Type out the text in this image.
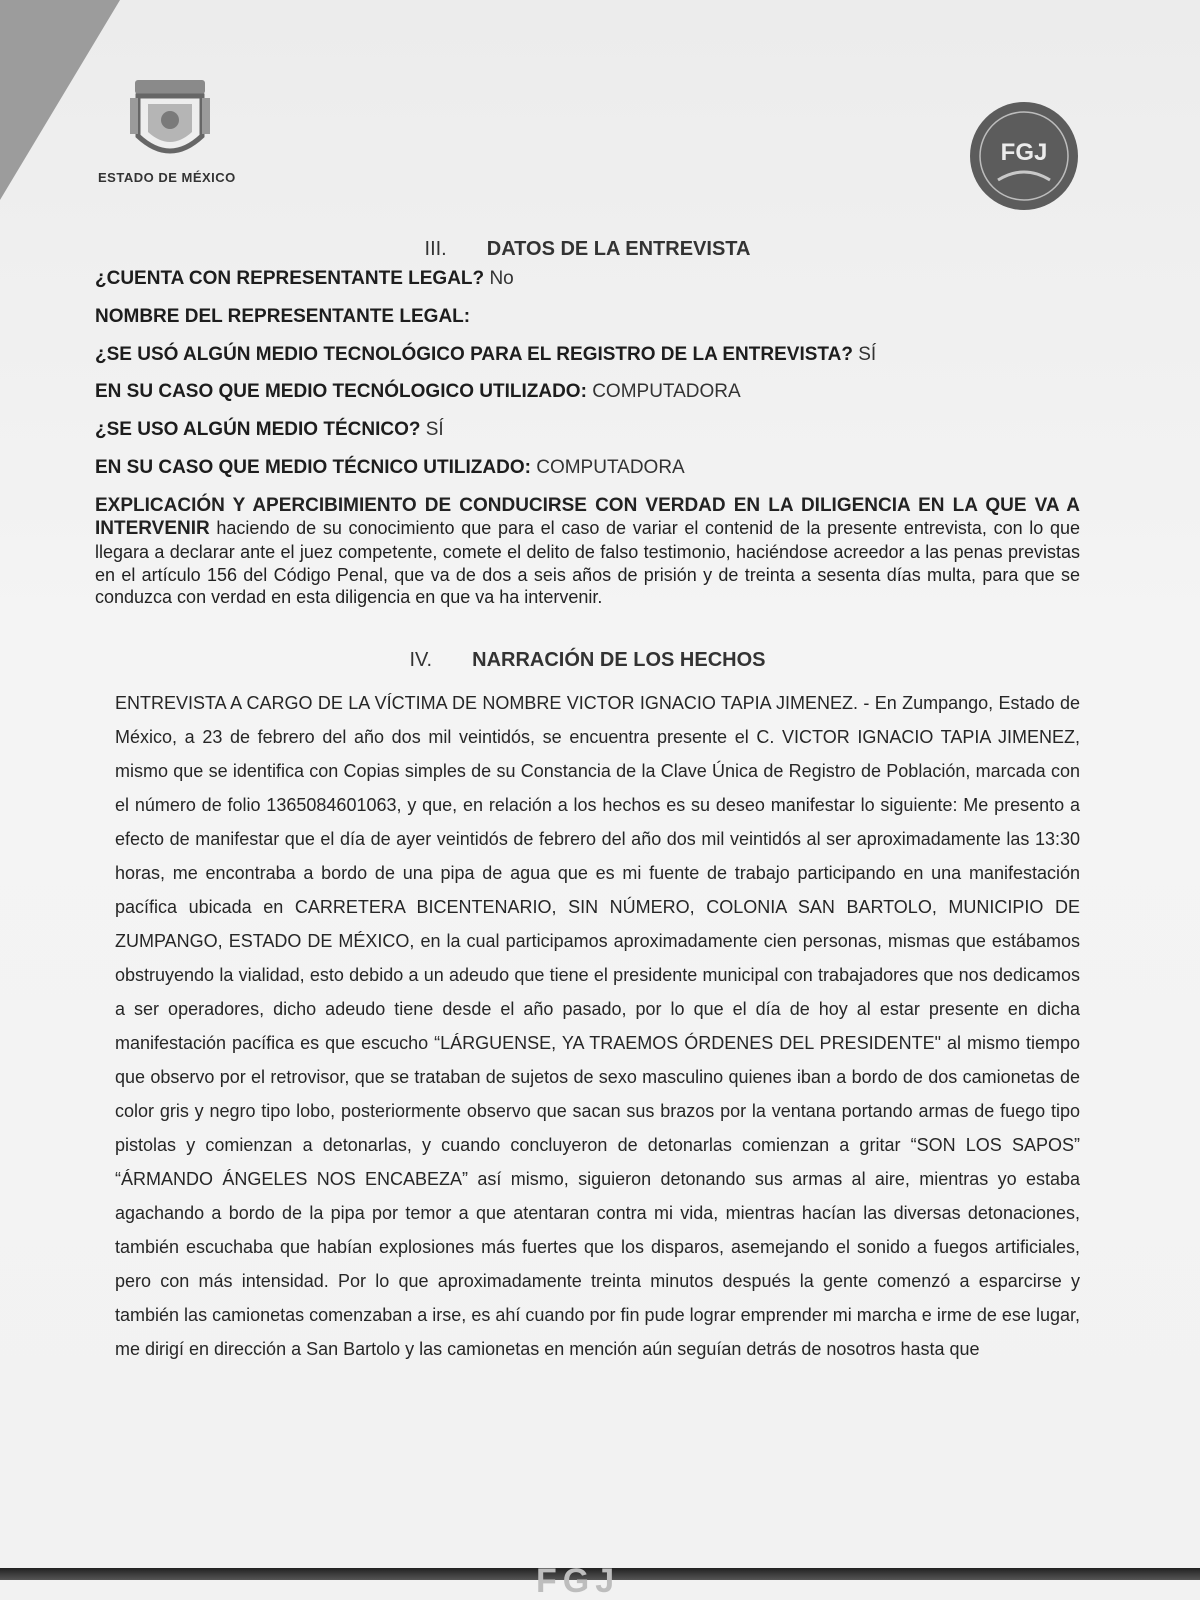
ESTADO DE MÉXICO
FGJ
III. DATOS DE LA ENTREVISTA
¿CUENTA CON REPRESENTANTE LEGAL? No
NOMBRE DEL REPRESENTANTE LEGAL:
¿SE USÓ ALGÚN MEDIO TECNOLÓGICO PARA EL REGISTRO DE LA ENTREVISTA? SÍ
EN SU CASO QUE MEDIO TECNÓLOGICO UTILIZADO: COMPUTADORA
¿SE USO ALGÚN MEDIO TÉCNICO? SÍ
EN SU CASO QUE MEDIO TÉCNICO UTILIZADO: COMPUTADORA
EXPLICACIÓN Y APERCIBIMIENTO DE CONDUCIRSE CON VERDAD EN LA DILIGENCIA EN LA QUE VA A INTERVENIR haciendo de su conocimiento que para el caso de variar el contenid de la presente entrevista, con lo que llegara a declarar ante el juez competente, comete el delito de falso testimonio, haciéndose acreedor a las penas previstas en el artículo 156 del Código Penal, que va de dos a seis años de prisión y de treinta a sesenta días multa, para que se conduzca con verdad en esta diligencia en que va ha intervenir.
IV. NARRACIÓN DE LOS HECHOS
ENTREVISTA A CARGO DE LA VÍCTIMA DE NOMBRE VICTOR IGNACIO TAPIA JIMENEZ. - En Zumpango, Estado de México, a 23 de febrero del año dos mil veintidós, se encuentra presente el C. VICTOR IGNACIO TAPIA JIMENEZ, mismo que se identifica con Copias simples de su Constancia de la Clave Única de Registro de Población, marcada con el número de folio 1365084601063, y que, en relación a los hechos es su deseo manifestar lo siguiente: Me presento a efecto de manifestar que el día de ayer veintidós de febrero del año dos mil veintidós al ser aproximadamente las 13:30 horas, me encontraba a bordo de una pipa de agua que es mi fuente de trabajo participando en una manifestación pacífica ubicada en CARRETERA BICENTENARIO, SIN NÚMERO, COLONIA SAN BARTOLO, MUNICIPIO DE ZUMPANGO, ESTADO DE MÉXICO, en la cual participamos aproximadamente cien personas, mismas que estábamos obstruyendo la vialidad, esto debido a un adeudo que tiene el presidente municipal con trabajadores que nos dedicamos a ser operadores, dicho adeudo tiene desde el año pasado, por lo que el día de hoy al estar presente en dicha manifestación pacífica es que escucho “LÁRGUENSE, YA TRAEMOS ÓRDENES DEL PRESIDENTE" al mismo tiempo que observo por el retrovisor, que se trataban de sujetos de sexo masculino quienes iban a bordo de dos camionetas de color gris y negro tipo lobo, posteriormente observo que sacan sus brazos por la ventana portando armas de fuego tipo pistolas y comienzan a detonarlas, y cuando concluyeron de detonarlas comienzan a gritar “SON LOS SAPOS” “ÁRMANDO ÁNGELES NOS ENCABEZA” así mismo, siguieron detonando sus armas al aire, mientras yo estaba agachando a bordo de la pipa por temor a que atentaran contra mi vida, mientras hacían las diversas detonaciones, también escuchaba que habían explosiones más fuertes que los disparos, asemejando el sonido a fuegos artificiales, pero con más intensidad. Por lo que aproximadamente treinta minutos después la gente comenzó a esparcirse y también las camionetas comenzaban a irse, es ahí cuando por fin pude lograr emprender mi marcha e irme de ese lugar, me dirigí en dirección a San Bartolo y las camionetas en mención aún seguían detrás de nosotros hasta que
FGJ
